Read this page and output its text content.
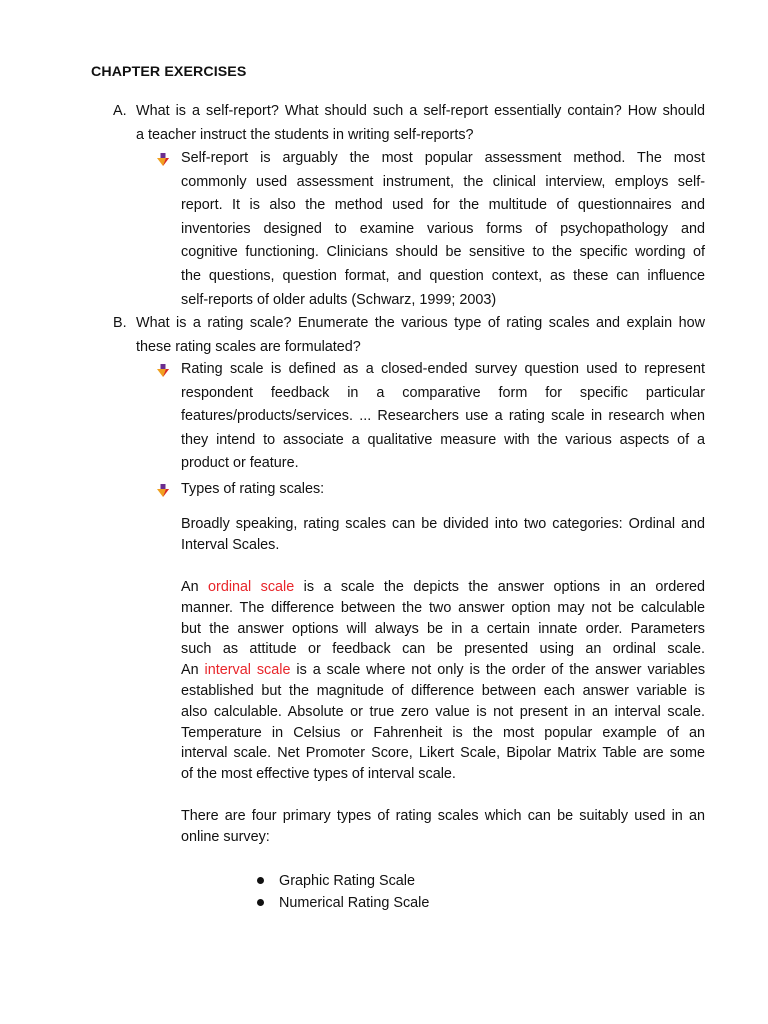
CHAPTER EXERCISES
A. What is a self-report? What should such a self-report essentially contain? How should
a teacher instruct the students in writing self-reports?
Self-report is arguably the most popular assessment method. The most
commonly used assessment instrument, the clinical interview, employs self-
report. It is also the method used for the multitude of questionnaires and
inventories designed to examine various forms of psychopathology and
cognitive functioning. Clinicians should be sensitive to the specific wording of
the questions, question format, and question context, as these can influence
self-reports of older adults (Schwarz, 1999; 2003)
B. What is a rating scale? Enumerate the various type of rating scales and explain how
these rating scales are formulated?
Rating scale is defined as a closed-ended survey question used to represent
respondent feedback in a comparative form for specific particular
features/products/services. ... Researchers use a rating scale in research when
they intend to associate a qualitative measure with the various aspects of a
product or feature.
Types of rating scales:
Broadly speaking, rating scales can be divided into two categories: Ordinal and
Interval Scales.
An ordinal scale is a scale the depicts the answer options in an ordered
manner. The difference between the two answer option may not be calculable
but the answer options will always be in a certain innate order. Parameters
such as attitude or feedback can be presented using an ordinal scale.
An interval scale is a scale where not only is the order of the answer variables
established but the magnitude of difference between each answer variable is
also calculable. Absolute or true zero value is not present in an interval scale.
Temperature in Celsius or Fahrenheit is the most popular example of an
interval scale. Net Promoter Score, Likert Scale, Bipolar Matrix Table are some
of the most effective types of interval scale.
There are four primary types of rating scales which can be suitably used in an
online survey:
Graphic Rating Scale
Numerical Rating Scale
